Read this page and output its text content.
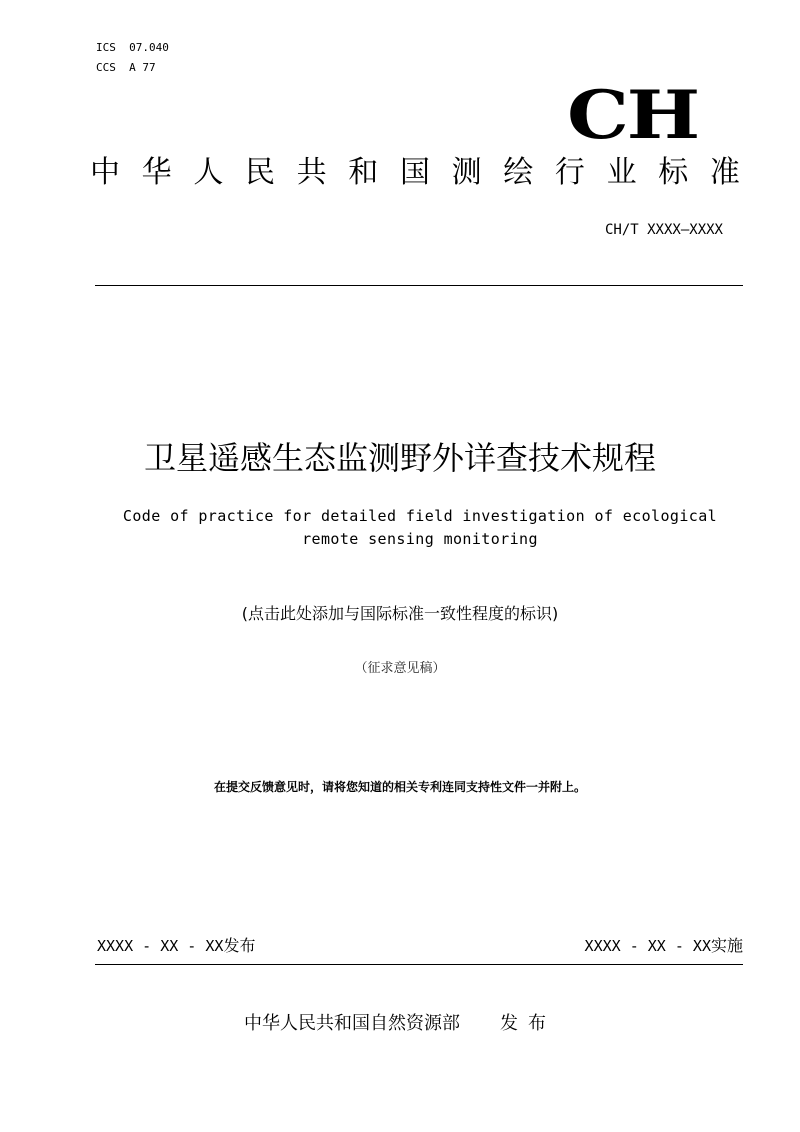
ICS  07.040
CCS  A 77
CH
中 华 人 民 共 和 国 测 绘 行 业 标 准
CH/T XXXX—XXXX
卫星遥感生态监测野外详查技术规程
Code of practice for detailed field investigation of ecological remote sensing monitoring
(点击此处添加与国际标准一致性程度的标识)
（征求意见稿）
在提交反馈意见时，请将您知道的相关专利连同支持性文件一并附上。
XXXX - XX - XX发布	XXXX - XX - XX实施
中华人民共和国自然资源部 发布
